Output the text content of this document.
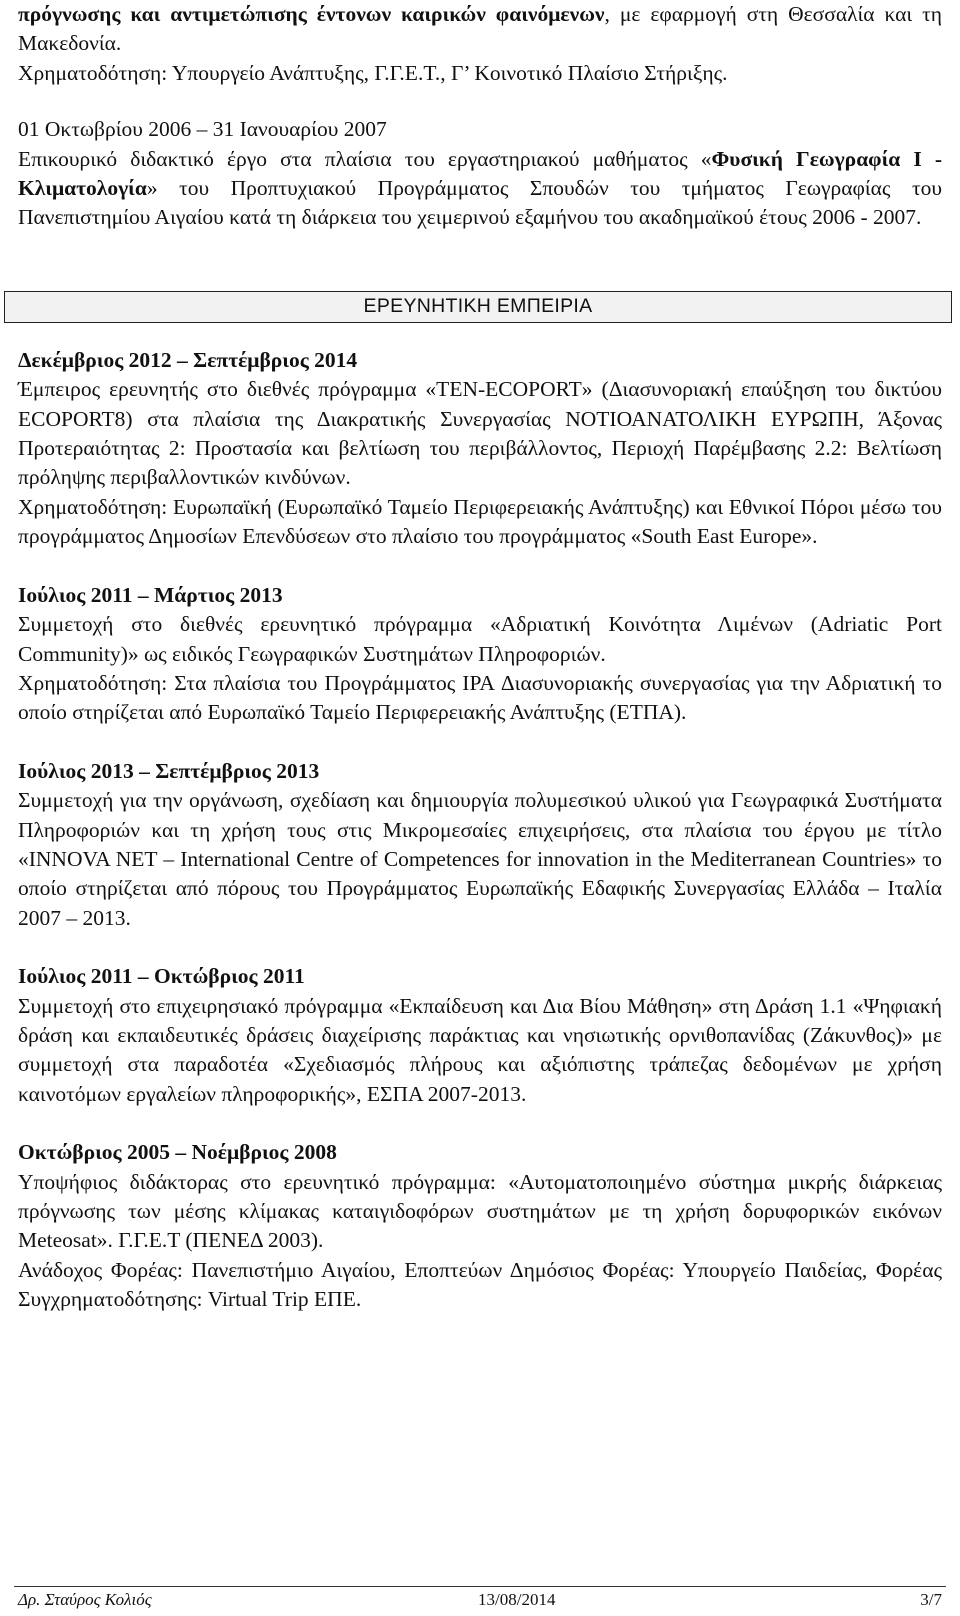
πρόγνωσης και αντιμετώπισης έντονων καιρικών φαινόμενων, με εφαρμογή στη Θεσσαλία και τη Μακεδονία.

Χρηματοδότηση: Υπουργείο Ανάπτυξης, Γ.Γ.Ε.Τ., Γ’ Κοινοτικό Πλαίσιο Στήριξης.

01 Οκτωβρίου 2006 – 31 Ιανουαρίου 2007

Επικουρικό διδακτικό έργο στα πλαίσια του εργαστηριακού μαθήματος «Φυσική Γεωγραφία Ι - Κλιματολογία» του Προπτυχιακού Προγράμματος Σπουδών του τμήματος Γεωγραφίας του Πανεπιστημίου Αιγαίου κατά τη διάρκεια του χειμερινού εξαμήνου του ακαδημαϊκού έτους 2006 - 2007.

ΕΡΕΥΝΗΤΙΚΗ ΕΜΠΕΙΡΙΑ

Δεκέμβριος 2012 – Σεπτέμβριος 2014

Έμπειρος ερευνητής στο διεθνές πρόγραμμα «TEN-ECOPORT» (Διασυνοριακή επαύξηση του δικτύου ECOPORT8) στα πλαίσια της Διακρατικής Συνεργασίας ΝΟΤΙΟΑΝΑΤΟΛΙΚΗ ΕΥΡΩΠΗ, Άξονας Προτεραιότητας 2: Προστασία και βελτίωση του περιβάλλοντος, Περιοχή Παρέμβασης 2.2: Βελτίωση πρόληψης περιβαλλοντικών κινδύνων.

Χρηματοδότηση: Ευρωπαϊκή (Ευρωπαϊκό Ταμείο Περιφερειακής Ανάπτυξης) και Εθνικοί Πόροι μέσω του προγράμματος Δημοσίων Επενδύσεων στο πλαίσιο του προγράμματος «South East Europe».

Ιούλιος 2011 – Μάρτιος 2013

Συμμετοχή στο διεθνές ερευνητικό πρόγραμμα «Αδριατική Κοινότητα Λιμένων (Adriatic Port Community)» ως ειδικός Γεωγραφικών Συστημάτων Πληροφοριών.

Χρηματοδότηση: Στα πλαίσια του Προγράμματος IPA Διασυνοριακής συνεργασίας για την Αδριατική το οποίο στηρίζεται από Ευρωπαϊκό Ταμείο Περιφερειακής Ανάπτυξης (ΕΤΠΑ).

Ιούλιος 2013 – Σεπτέμβριος 2013

Συμμετοχή για την οργάνωση, σχεδίαση και δημιουργία πολυμεσικού υλικού για Γεωγραφικά Συστήματα Πληροφοριών και τη χρήση τους στις Μικρομεσαίες επιχειρήσεις, στα πλαίσια του έργου με τίτλο «INNOVA NET – International Centre of Competences for innovation in the Mediterranean Countries» το οποίο στηρίζεται από πόρους του Προγράμματος Ευρωπαϊκής Εδαφικής Συνεργασίας Ελλάδα – Ιταλία 2007 – 2013.

Ιούλιος 2011 – Οκτώβριος 2011

Συμμετοχή στο επιχειρησιακό πρόγραμμα «Εκπαίδευση και Δια Βίου Μάθηση» στη Δράση 1.1 «Ψηφιακή δράση και εκπαιδευτικές δράσεις διαχείρισης παράκτιας και νησιωτικής ορνιθοπανίδας (Ζάκυνθος)» με συμμετοχή στα παραδοτέα «Σχεδιασμός πλήρους και αξιόπιστης τράπεζας δεδομένων με χρήση καινοτόμων εργαλείων πληροφορικής», ΕΣΠΑ 2007-2013.

Οκτώβριος 2005 – Νοέμβριος 2008

Υποψήφιος διδάκτορας στο ερευνητικό πρόγραμμα: «Αυτοματοποιημένο σύστημα μικρής διάρκειας πρόγνωσης των μέσης κλίμακας καταιγιδοφόρων συστημάτων με τη χρήση δορυφορικών εικόνων Meteosat». Γ.Γ.Ε.Τ (ΠΕΝΕΔ 2003).

Ανάδοχος Φορέας: Πανεπιστήμιο Αιγαίου, Εποπτεύων Δημόσιος Φορέας: Υπουργείο Παιδείας, Φορέας Συγχρηματοδότησης: Virtual Trip ΕΠΕ.

Δρ. Σταύρος Κολιός	13/08/2014	3/7
